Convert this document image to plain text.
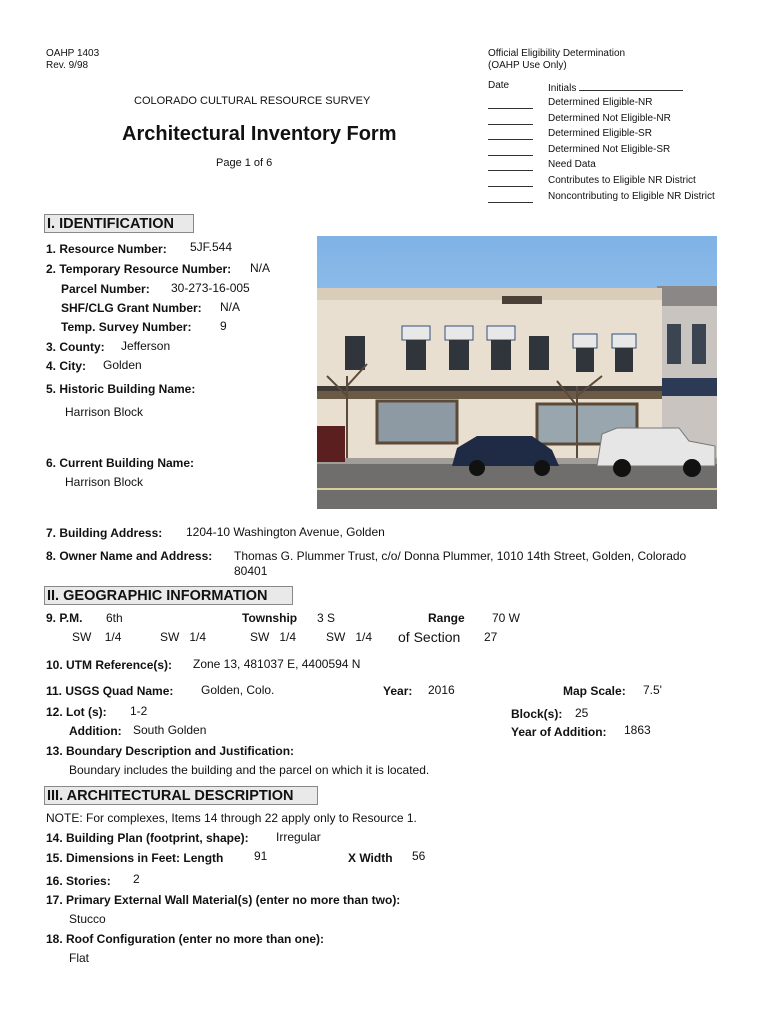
OAHP 1403
Rev. 9/98
COLORADO CULTURAL RESOURCE SURVEY
Architectural Inventory Form
Page 1 of 6
Official Eligibility Determination
(OAHP Use Only)
Date	Initials
Determined Eligible-NR
Determined Not Eligible-NR
Determined Eligible-SR
Determined Not Eligible-SR
Need Data
Contributes to Eligible NR District
Noncontributing to Eligible NR District
I. IDENTIFICATION
1. Resource Number: 5JF.544
2. Temporary Resource Number: N/A
Parcel Number: 30-273-16-005
SHF/CLG Grant Number: N/A
Temp. Survey Number: 9
3. County: Jefferson
4. City: Golden
5. Historic Building Name:
Harrison Block
6. Current Building Name:
Harrison Block
7. Building Address: 1204-10 Washington Avenue, Golden
8. Owner Name and Address: Thomas G. Plummer Trust, c/o/ Donna Plummer, 1010 14th Street, Golden, Colorado
80401
II. GEOGRAPHIC INFORMATION
9. P.M. 6th	Township 3 S	Range 70 W
SW 1/4	SW 1/4	SW 1/4 SW 1/4 of Section 27
10. UTM Reference(s): Zone 13, 481037 E, 4400594 N
11. USGS Quad Name: Golden, Colo.	Year: 2016	Map Scale: 7.5'
12. Lot (s): 1-2	Block(s): 25
Addition: South Golden	Year of Addition: 1863
13. Boundary Description and Justification:
Boundary includes the building and the parcel on which it is located.
III. ARCHITECTURAL DESCRIPTION
NOTE: For complexes, Items 14 through 22 apply only to Resource 1.
14. Building Plan (footprint, shape): Irregular
15. Dimensions in Feet: Length	91	X Width 56
16. Stories: 2
17. Primary External Wall Material(s) (enter no more than two):
Stucco
18. Roof Configuration (enter no more than one):
Flat
